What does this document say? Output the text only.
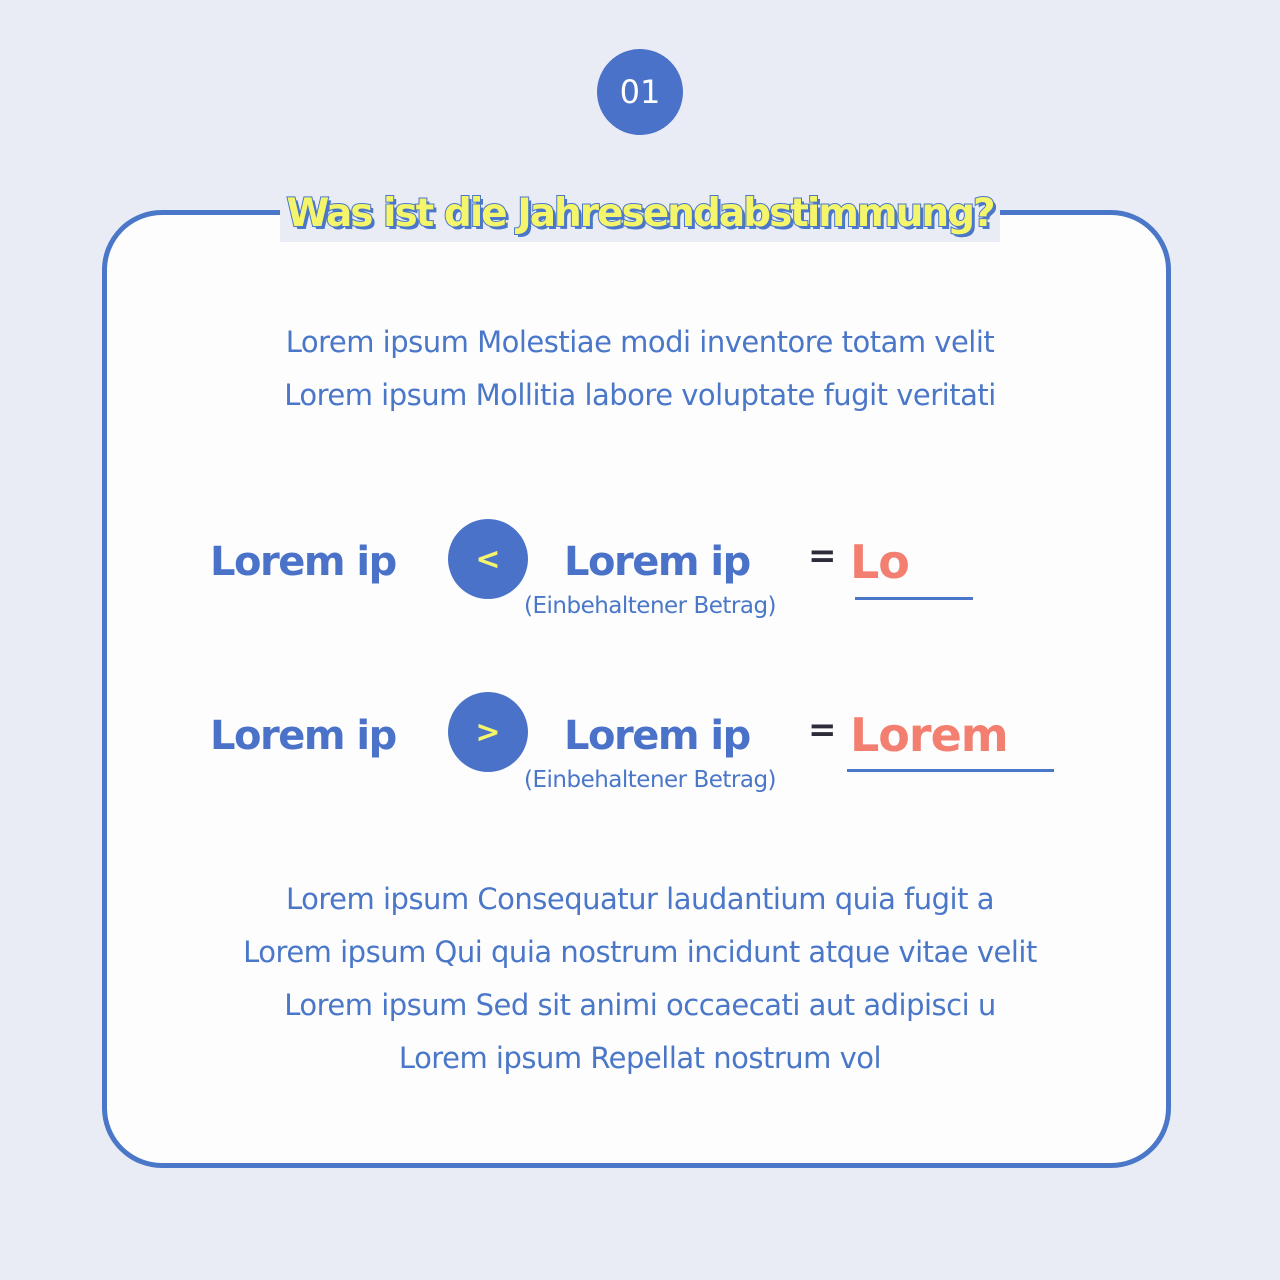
01
Was ist die Jahresendabstimmung?
Lorem ipsum Molestiae modi inventore totam velit
Lorem ipsum Mollitia labore voluptate fugit veritati
Lorem ip	<	Lorem ip
(Einbehaltener Betrag)
= Lo
Lorem ip	>	Lorem ip
(Einbehaltener Betrag)
= Lorem
Lorem ipsum Consequatur laudantium quia fugit a
Lorem ipsum Qui quia nostrum incidunt atque vitae velit
Lorem ipsum Sed sit animi occaecati aut adipisci u
Lorem ipsum Repellat nostrum vol
